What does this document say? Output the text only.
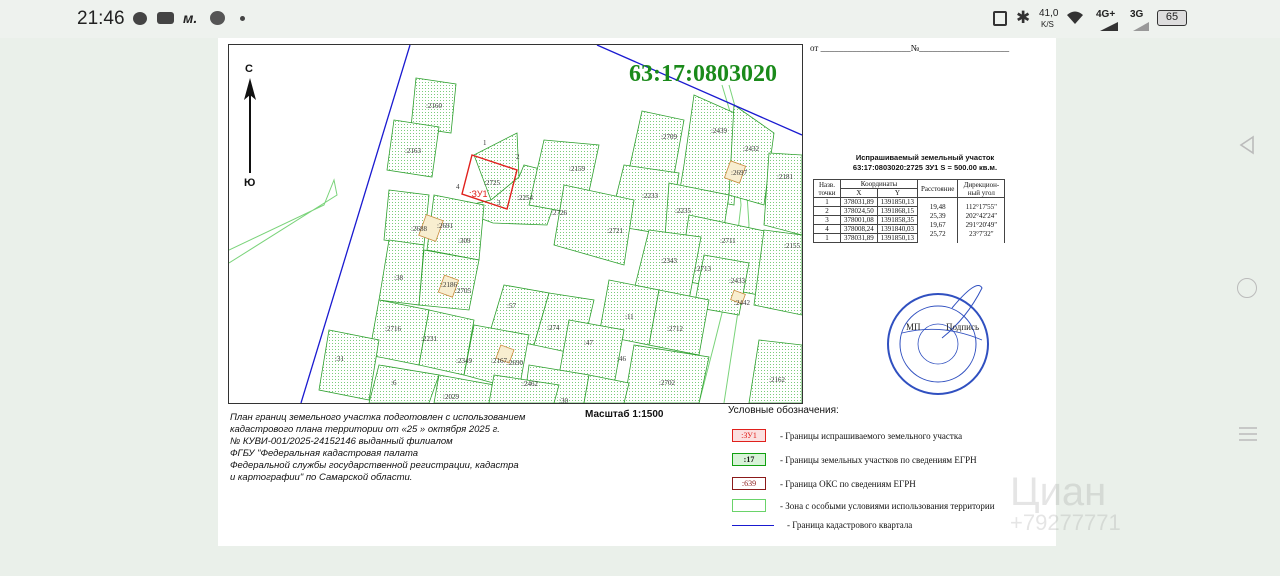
21:46	м.	✱ 41,0
K/S
4G+ 3G	65
:2160
:2163
:2725
:2254
:2159
:2709
:2439
:2432
:2697	:2181
:2233
:2235
:2726
:2721
:2711
:2688 :2691
:309
:2343
:2713
:2433
:2155
:38
:2186
:2705
:57
:274
:11
:2712
:2442
:2716
:2231	:47
:46
:31	:2349	:2167 :2690
:6	:2462	:2702	:2162
:2029	:30
1
2
3
4
:ЗУ1
63:17:0803020
С
Ю
от ____________________№____________________
Испрашиваемый земельный участок
63:17:0803020:2725 ЗУ1 S = 500.00 кв.м.
Назв. точки	Координаты		Расстояние	Дирекцион- ный угол
	X	Y		
1	378031,89	1391850,13	19,48	112°17'55"
2	378024,50	1391868,15	25,39	202°42'24"
3	378001,08	1391858,35	19,67	291°20'49"
4	378008,24	1391840,03	25,72	23°7'32"
1	378031,89	1391850,13		
МП	Подпись
План границ земельного участка подготовлен с использованием
кадастрового плана территории от «25 » октября 2025 г.
№ КУВИ-001/2025-24152146 выданный филиалом
ФГБУ "Федеральная кадастровая палата
Федеральной службы государственной регистрации, кадастра
и картографии" по Самарской области.
Масштаб 1:1500	Условные обозначения:
:ЗУ1	- Границы испрашиваемого земельного участка
:17	- Границы земельных участков по сведениям ЕГРН
:639	- Граница ОКС по сведениям ЕГРН
- Зона с особыми условиями использования территории
- Граница кадастрового квартала
Циан
+79277771
